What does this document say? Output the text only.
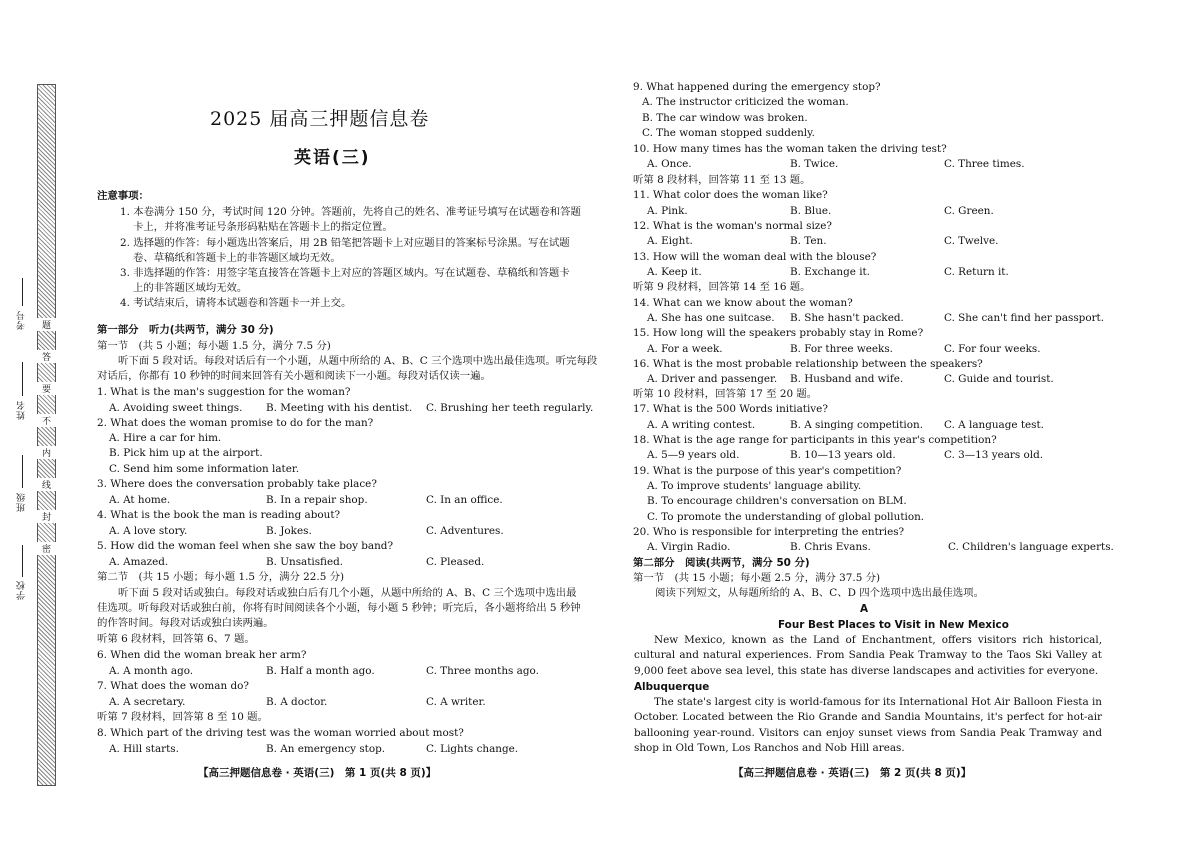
题
答
要
不
内
线
封
密
考号
姓名
班级
学校
2025 届高三押题信息卷
英语(三)
注意事项：
1. 本卷满分 150 分，考试时间 120 分钟。答题前，先将自己的姓名、准考证号填写在试题卷和答题
卡上，并将准考证号条形码粘贴在答题卡上的指定位置。
2. 选择题的作答：每小题选出答案后，用 2B 铅笔把答题卡上对应题目的答案标号涂黑。写在试题
卷、草稿纸和答题卡上的非答题区域均无效。
3. 非选择题的作答：用签字笔直接答在答题卡上对应的答题区域内。写在试题卷、草稿纸和答题卡
上的非答题区域均无效。
4. 考试结束后，请将本试题卷和答题卡一并上交。
第一部分　听力(共两节，满分 30 分)
第一节　(共 5 小题；每小题 1.5 分，满分 7.5 分)
听下面 5 段对话。每段对话后有一个小题，从题中所给的 A、B、C 三个选项中选出最佳选项。听完每段
对话后，你都有 10 秒钟的时间来回答有关小题和阅读下一小题。每段对话仅读一遍。
1. What is the man's suggestion for the woman?
A. Avoiding sweet things. B. Meeting with his dentist. C. Brushing her teeth regularly.
2. What does the woman promise to do for the man?
A. Hire a car for him.
B. Pick him up at the airport.
C. Send him some information later.
3. Where does the conversation probably take place?
A. At home.	B. In a repair shop.	C. In an office.
4. What is the book the man is reading about?
A. A love story.	B. Jokes.	C. Adventures.
5. How did the woman feel when she saw the boy band?
A. Amazed.	B. Unsatisfied.	C. Pleased.
第二节　(共 15 小题；每小题 1.5 分，满分 22.5 分)
听下面 5 段对话或独白。每段对话或独白后有几个小题，从题中所给的 A、B、C 三个选项中选出最
佳选项。听每段对话或独白前，你将有时间阅读各个小题，每小题 5 秒钟；听完后，各小题将给出 5 秒钟
的作答时间。每段对话或独白读两遍。
听第 6 段材料，回答第 6、7 题。
6. When did the woman break her arm?
A. A month ago.	B. Half a month ago.	C. Three months ago.
7. What does the woman do?
A. A secretary.	B. A doctor.	C. A writer.
听第 7 段材料，回答第 8 至 10 题。
8. Which part of the driving test was the woman worried about most?
A. Hill starts.	B. An emergency stop.	C. Lights change.
【高三押题信息卷 · 英语(三)　第 1 页(共 8 页)】
9. What happened during the emergency stop?
A. The instructor criticized the woman.
B. The car window was broken.
C. The woman stopped suddenly.
10. How many times has the woman taken the driving test?
A. Once.	B. Twice.	C. Three times.
听第 8 段材料，回答第 11 至 13 题。
11. What color does the woman like?
A. Pink.	B. Blue.	C. Green.
12. What is the woman's normal size?
A. Eight.	B. Ten.	C. Twelve.
13. How will the woman deal with the blouse?
A. Keep it.	B. Exchange it.	C. Return it.
听第 9 段材料，回答第 14 至 16 题。
14. What can we know about the woman?
A. She has one suitcase. B. She hasn't packed.	C. She can't find her passport.
15. How long will the speakers probably stay in Rome?
A. For a week.	B. For three weeks.	C. For four weeks.
16. What is the most probable relationship between the speakers?
A. Driver and passenger. B. Husband and wife.	C. Guide and tourist.
听第 10 段材料，回答第 17 至 20 题。
17. What is the 500 Words initiative?
A. A writing contest.	B. A singing competition. C. A language test.
18. What is the age range for participants in this year's competition?
A. 5—9 years old.	B. 10—13 years old.	C. 3—13 years old.
19. What is the purpose of this year's competition?
A. To improve students' language ability.
B. To encourage children's conversation on BLM.
C. To promote the understanding of global pollution.
20. Who is responsible for interpreting the entries?
A. Virgin Radio.	B. Chris Evans.	C. Children's language experts.
第二部分　阅读(共两节，满分 50 分)
第一节　(共 15 小题；每小题 2.5 分，满分 37.5 分)
阅读下列短文，从每题所给的 A、B、C、D 四个选项中选出最佳选项。
A
Four Best Places to Visit in New Mexico
New Mexico, known as the Land of Enchantment, offers visitors rich historical, cultural and natural experiences. From Sandia Peak Tramway to the Taos Ski Valley at 9,000 feet above sea level, this state has diverse landscapes and activities for everyone.
Albuquerque
The state's largest city is world-famous for its International Hot Air Balloon Fiesta in October. Located between the Rio Grande and Sandia Mountains, it's perfect for hot-air ballooning year-round. Visitors can enjoy sunset views from Sandia Peak Tramway and shop in Old Town, Los Ranchos and Nob Hill areas.
【高三押题信息卷 · 英语(三)　第 2 页(共 8 页)】
